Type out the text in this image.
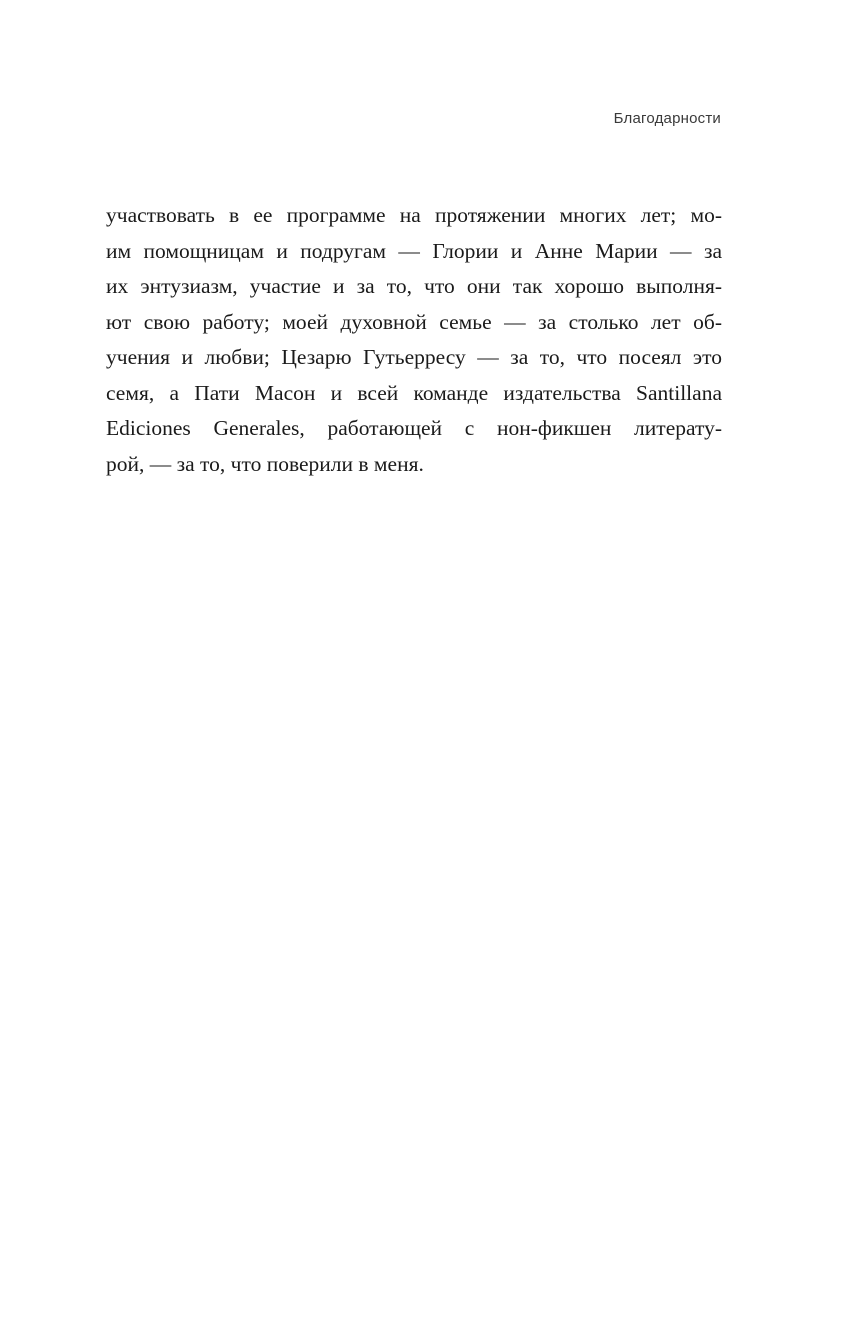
Благодарности
участвовать в ее программе на протяжении многих лет; мо-
им помощницам и подругам — Глории и Анне Марии — за
их энтузиазм, участие и за то, что они так хорошо выполня-
ют свою работу; моей духовной семье — за столько лет об-
учения и любви; Цезарю Гутьерресу — за то, что посеял это
семя, а Пати Масон и всей команде издательства Santillana
Ediciones Generales, работающей с нон-фикшен литерату-
рой, — за то, что поверили в меня.
